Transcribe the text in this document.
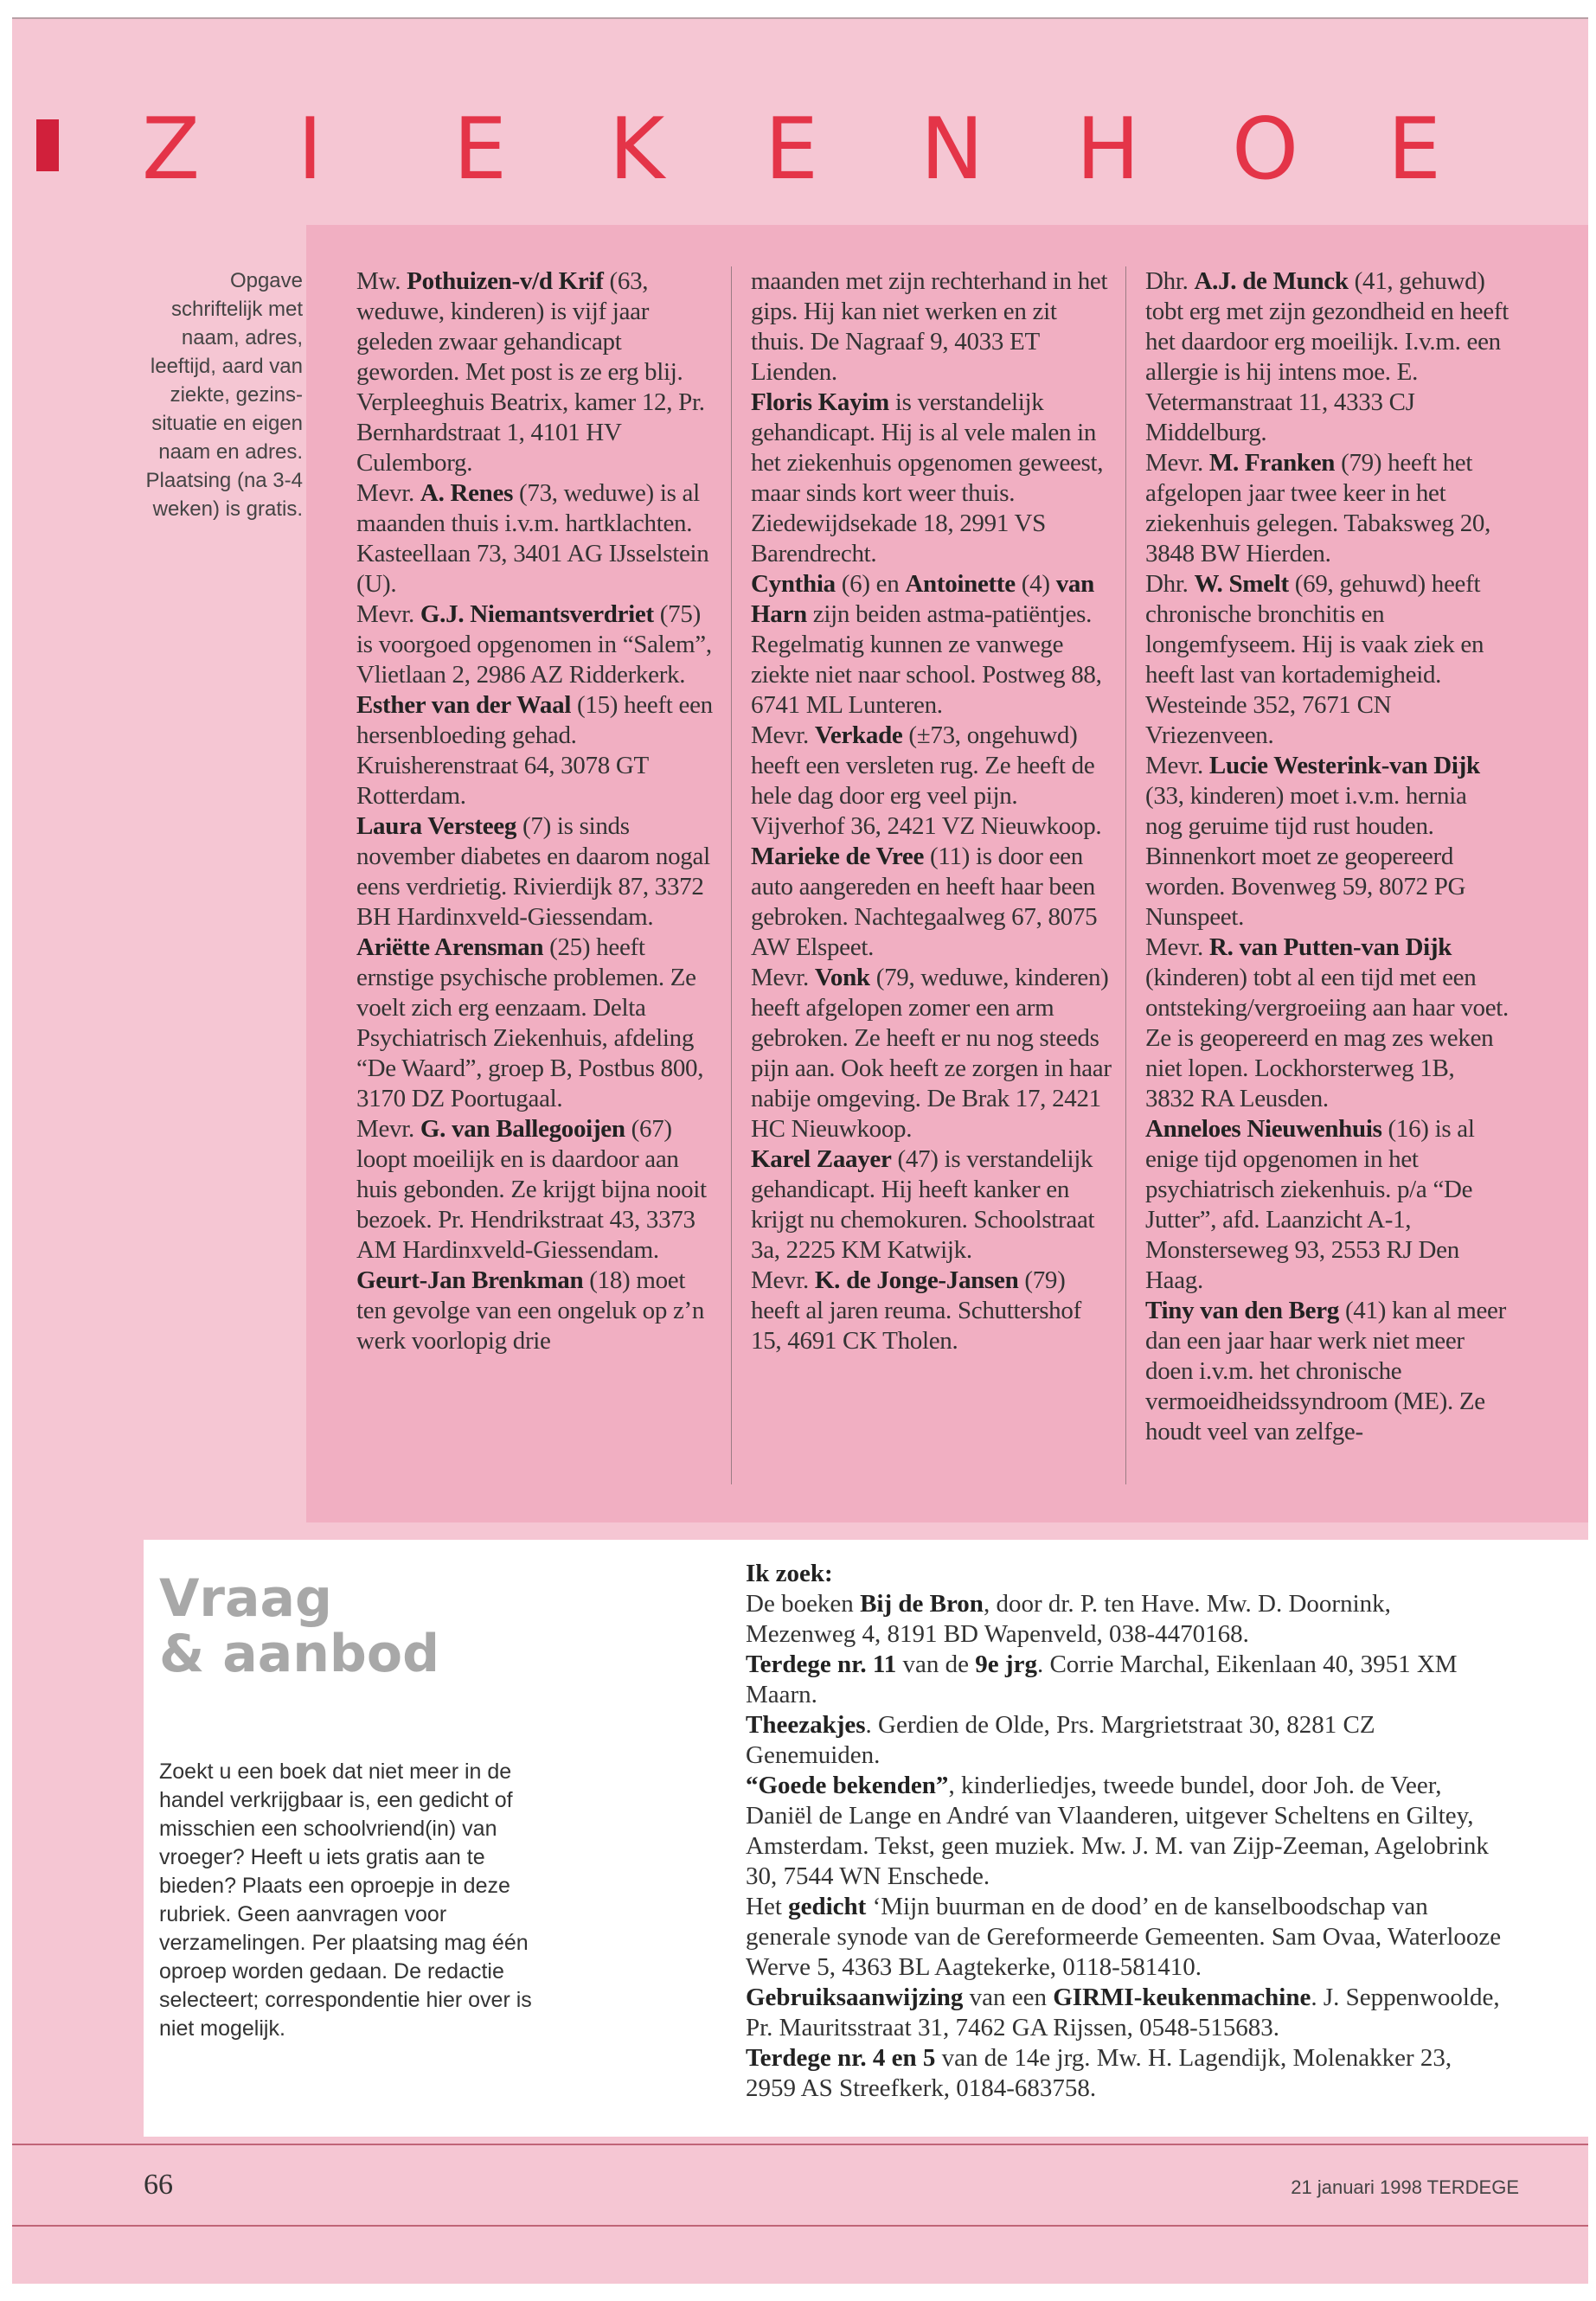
Z I E K E N H O E

Opgave schriftelijk met naam, adres, leeftijd, aard van ziekte, gezins-situatie en eigen naam en adres. Plaatsing (na 3-4 weken) is gratis.

Mw. Pothuizen-v/d Krif (63, weduwe, kinderen) is vijf jaar geleden zwaar gehandicapt geworden. Met post is ze erg blij. Verpleeghuis Beatrix, kamer 12, Pr. Bernhardstraat 1, 4101 HV Culemborg.

Mevr. A. Renes (73, weduwe) is al maanden thuis i.v.m. hartklachten. Kasteellaan 73, 3401 AG IJsselstein (U).

Mevr. G.J. Niemantsverdriet (75) is voorgoed opgenomen in “Salem”, Vlietlaan 2, 2986 AZ Ridderkerk.

Esther van der Waal (15) heeft een hersenbloeding gehad. Kruisherenstraat 64, 3078 GT Rotterdam.

Laura Versteeg (7) is sinds november diabetes en daarom nogal eens verdrietig. Rivierdijk 87, 3372 BH Hardinxveld-Giessendam.

Ariëtte Arensman (25) heeft ernstige psychische problemen. Ze voelt zich erg eenzaam. Delta Psychiatrisch Ziekenhuis, afdeling “De Waard”, groep B, Postbus 800, 3170 DZ Poortugaal.

Mevr. G. van Ballegooijen (67) loopt moeilijk en is daardoor aan huis gebonden. Ze krijgt bijna nooit bezoek. Pr. Hendrikstraat 43, 3373 AM Hardinxveld-Giessendam.

Geurt-Jan Brenkman (18) moet ten gevolge van een ongeluk op z’n werk voorlopig drie

maanden met zijn rechterhand in het gips. Hij kan niet werken en zit thuis. De Nagraaf 9, 4033 ET Lienden.

Floris Kayim is verstandelijk gehandicapt. Hij is al vele malen in het ziekenhuis opgenomen geweest, maar sinds kort weer thuis. Ziedewijdsekade 18, 2991 VS Barendrecht.

Cynthia (6) en Antoinette (4) van Harn zijn beiden astma-patiëntjes. Regelmatig kunnen ze vanwege ziekte niet naar school. Postweg 88, 6741 ML Lunteren.

Mevr. Verkade (±73, ongehuwd) heeft een versleten rug. Ze heeft de hele dag door erg veel pijn. Vijverhof 36, 2421 VZ Nieuwkoop.

Marieke de Vree (11) is door een auto aangereden en heeft haar been gebroken. Nachtegaalweg 67, 8075 AW Elspeet.

Mevr. Vonk (79, weduwe, kinderen) heeft afgelopen zomer een arm gebroken. Ze heeft er nu nog steeds pijn aan. Ook heeft ze zorgen in haar nabije omgeving. De Brak 17, 2421 HC Nieuwkoop.

Karel Zaayer (47) is verstandelijk gehandicapt. Hij heeft kanker en krijgt nu chemokuren. Schoolstraat 3a, 2225 KM Katwijk.

Mevr. K. de Jonge-Jansen (79) heeft al jaren reuma. Schuttershof 15, 4691 CK Tholen.

Dhr. A.J. de Munck (41, gehuwd) tobt erg met zijn gezondheid en heeft het daardoor erg moeilijk. I.v.m. een allergie is hij intens moe. E. Vetermanstraat 11, 4333 CJ Middelburg.

Mevr. M. Franken (79) heeft het afgelopen jaar twee keer in het ziekenhuis gelegen. Tabaksweg 20, 3848 BW Hierden.

Dhr. W. Smelt (69, gehuwd) heeft chronische bronchitis en longemfyseem. Hij is vaak ziek en heeft last van kortademigheid. Westeinde 352, 7671 CN Vriezenveen.

Mevr. Lucie Westerink-van Dijk (33, kinderen) moet i.v.m. hernia nog geruime tijd rust houden. Binnenkort moet ze geopereerd worden. Bovenweg 59, 8072 PG Nunspeet.

Mevr. R. van Putten-van Dijk (kinderen) tobt al een tijd met een ontsteking/vergroeiing aan haar voet. Ze is geopereerd en mag zes weken niet lopen. Lockhorsterweg 1B, 3832 RA Leusden.

Anneloes Nieuwenhuis (16) is al enige tijd opgenomen in het psychiatrisch ziekenhuis. p/a “De Jutter”, afd. Laanzicht A-1, Monsterseweg 93, 2553 RJ Den Haag.

Tiny van den Berg (41) kan al meer dan een jaar haar werk niet meer doen i.v.m. het chronische vermoeidheidssyndroom (ME). Ze houdt veel van zelfge-

Vraag
& aanbod

Zoekt u een boek dat niet meer in de handel verkrijgbaar is, een gedicht of misschien een schoolvriend(in) van vroeger? Heeft u iets gratis aan te bieden? Plaats een oproepje in deze rubriek. Geen aanvragen voor verzamelingen. Per plaatsing mag één oproep worden gedaan. De redactie selecteert; correspondentie hier over is niet mogelijk.

Ik zoek:

De boeken Bij de Bron, door dr. P. ten Have. Mw. D. Doornink, Mezenweg 4, 8191 BD Wapenveld, 038-4470168.

Terdege nr. 11 van de 9e jrg. Corrie Marchal, Eikenlaan 40, 3951 XM Maarn.

Theezakjes. Gerdien de Olde, Prs. Margrietstraat 30, 8281 CZ Genemuiden.

“Goede bekenden”, kinderliedjes, tweede bundel, door Joh. de Veer, Daniël de Lange en André van Vlaanderen, uitgever Scheltens en Giltey, Amsterdam. Tekst, geen muziek. Mw. J. M. van Zijp-Zeeman, Agelobrink 30, 7544 WN Enschede.

Het gedicht ‘Mijn buurman en de dood’ en de kanselboodschap van generale synode van de Gereformeerde Gemeenten. Sam Ovaa, Waterlooze Werve 5, 4363 BL Aagtekerke, 0118-581410.

Gebruiksaanwijzing van een GIRMI-keukenmachine. J. Seppenwoolde, Pr. Mauritsstraat 31, 7462 GA Rijssen, 0548-515683.

Terdege nr. 4 en 5 van de 14e jrg. Mw. H. Lagendijk, Molenakker 23, 2959 AS Streefkerk, 0184-683758.

66	21 januari 1998 TERDEGE
